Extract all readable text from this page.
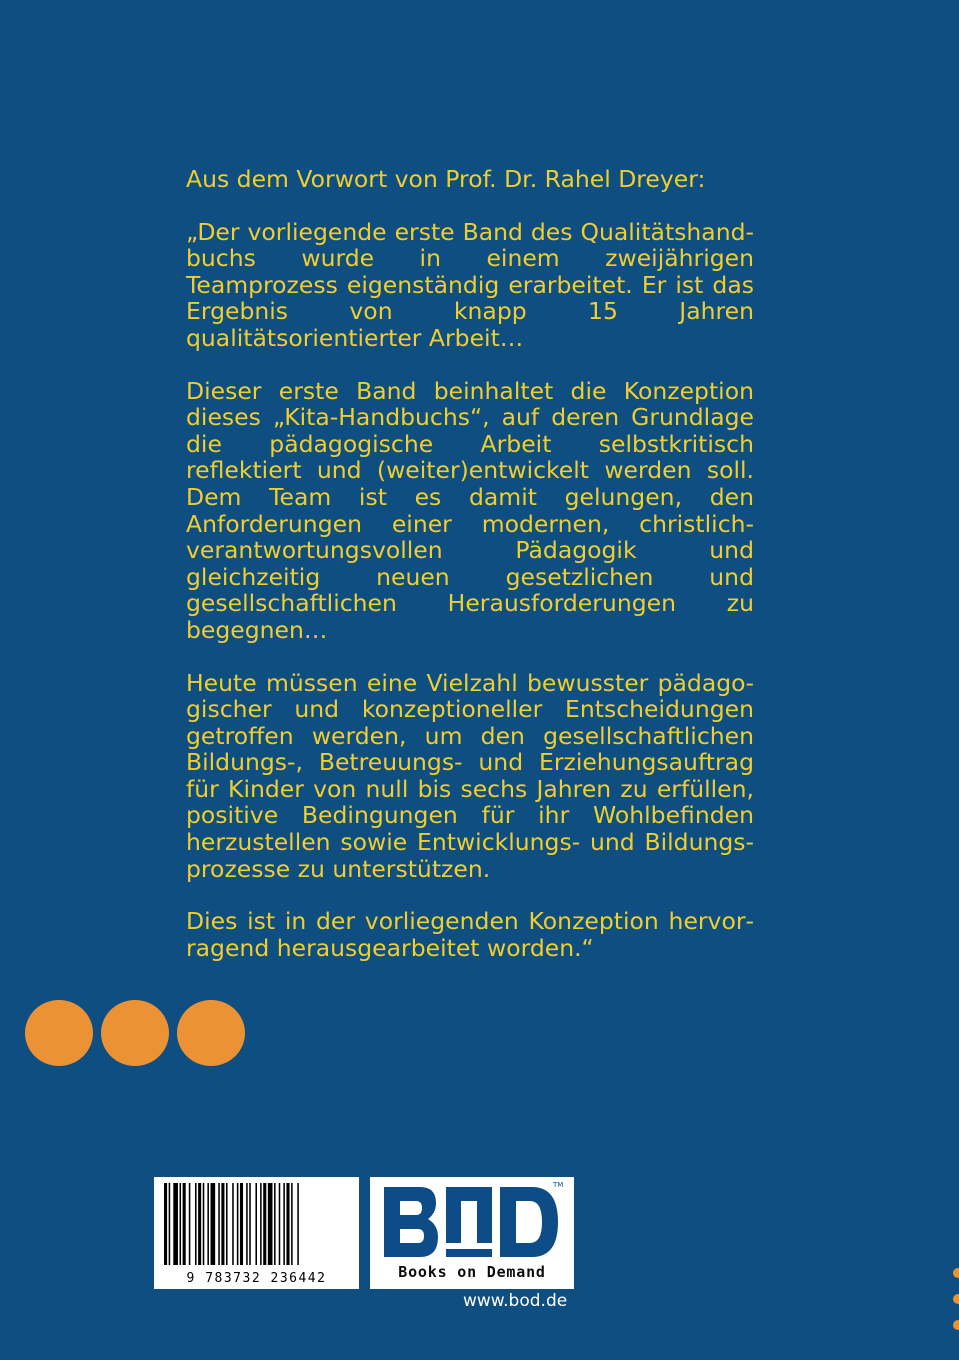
Aus dem Vorwort von Prof. Dr. Rahel Dreyer:

„Der vorliegende erste Band des Qualitätshandbuchs wurde in einem zweijährigen Teamprozess eigenständig erarbeitet. Er ist das Ergebnis von knapp 15 Jahren qualitätsorientierter Arbeit…

Dieser erste Band beinhaltet die Konzeption dieses „Kita-Handbuchs“, auf deren Grundlage die pädagogische Arbeit selbstkritisch reflektiert und (weiter)entwickelt werden soll. Dem Team ist es damit gelungen, den Anforderungen einer modernen, christlich-verantwortungsvollen Pädagogik und gleichzeitig neuen gesetzlichen und gesellschaftlichen Herausforderungen zu begegnen…

Heute müssen eine Vielzahl bewusster pädagogischer und konzeptioneller Entscheidungen getroffen werden, um den gesellschaftlichen Bildungs-, Betreuungs- und Erziehungsauftrag für Kinder von null bis sechs Jahren zu erfüllen, positive Bedingungen für ihr Wohlbefinden herzustellen sowie Entwicklungs- und Bildungs- prozesse zu unterstützen.

Dies ist in der vorliegenden Konzeption hervorragend herausgearbeitet worden.“

9 783732 236442
TM
Books on Demand
www.bod.de
